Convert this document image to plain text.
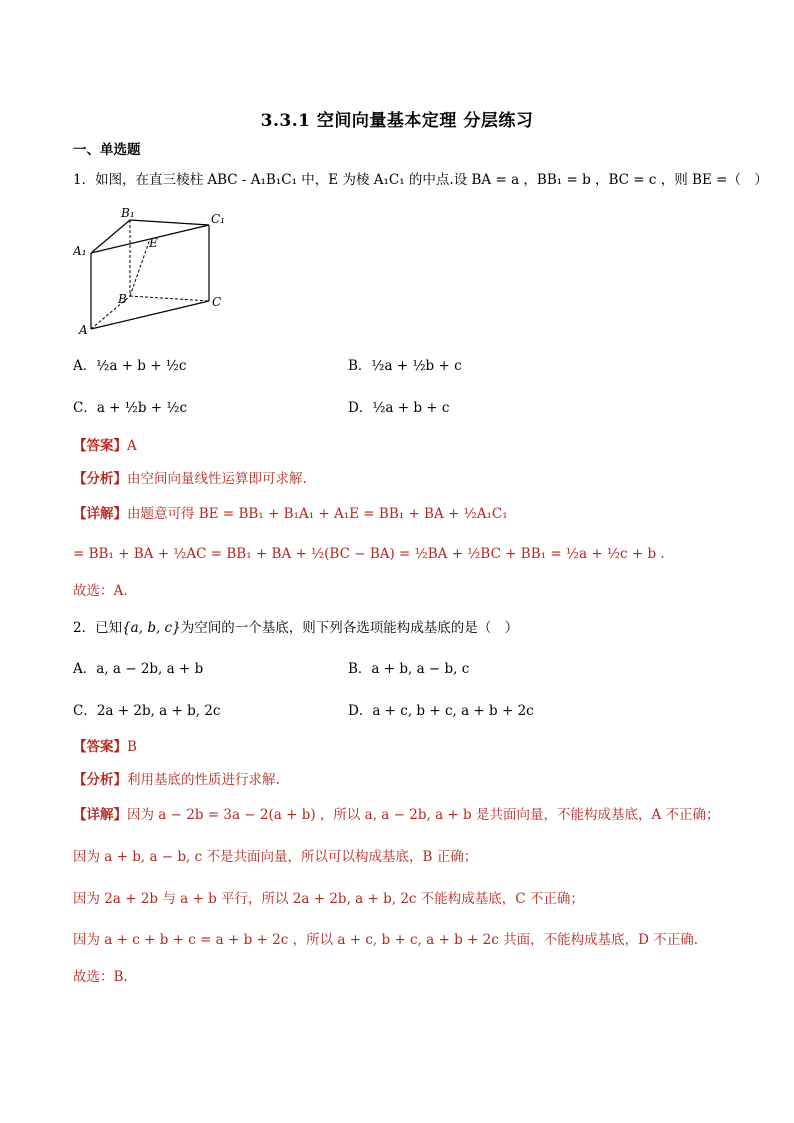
3.3.1 空间向量基本定理 分层练习
一、单选题
1．如图，在直三棱柱 ABC - A₁B₁C₁ 中，E 为棱 A₁C₁ 的中点.设 BA = a ，BB₁ = b ，BC = c ，则 BE =（　）
B₁	C₁
A₁
E
B	C
A
A．½a + b + ½c	B．½a + ½b + c
C．a + ½b + ½c	D．½a + b + c
【答案】A
【分析】由空间向量线性运算即可求解.
【详解】由题意可得 BE = BB₁ + B₁A₁ + A₁E = BB₁ + BA + ½A₁C₁
= BB₁ + BA + ½AC = BB₁ + BA + ½(BC − BA) = ½BA + ½BC + BB₁ = ½a + ½c + b .
故选：A.
2．已知{a, b, c}为空间的一个基底，则下列各选项能构成基底的是（　）
A．a, a − 2b, a + b	B．a + b, a − b, c
C．2a + 2b, a + b, 2c	D．a + c, b + c, a + b + 2c
【答案】B
【分析】利用基底的性质进行求解.
【详解】因为 a − 2b = 3a − 2(a + b) ，所以 a, a − 2b, a + b 是共面向量，不能构成基底，A 不正确；
因为 a + b, a − b, c 不是共面向量，所以可以构成基底，B 正确；
因为 2a + 2b 与 a + b 平行，所以 2a + 2b, a + b, 2c 不能构成基底，C 不正确；
因为 a + c + b + c = a + b + 2c ，所以 a + c, b + c, a + b + 2c 共面，不能构成基底，D 不正确.
故选：B.
